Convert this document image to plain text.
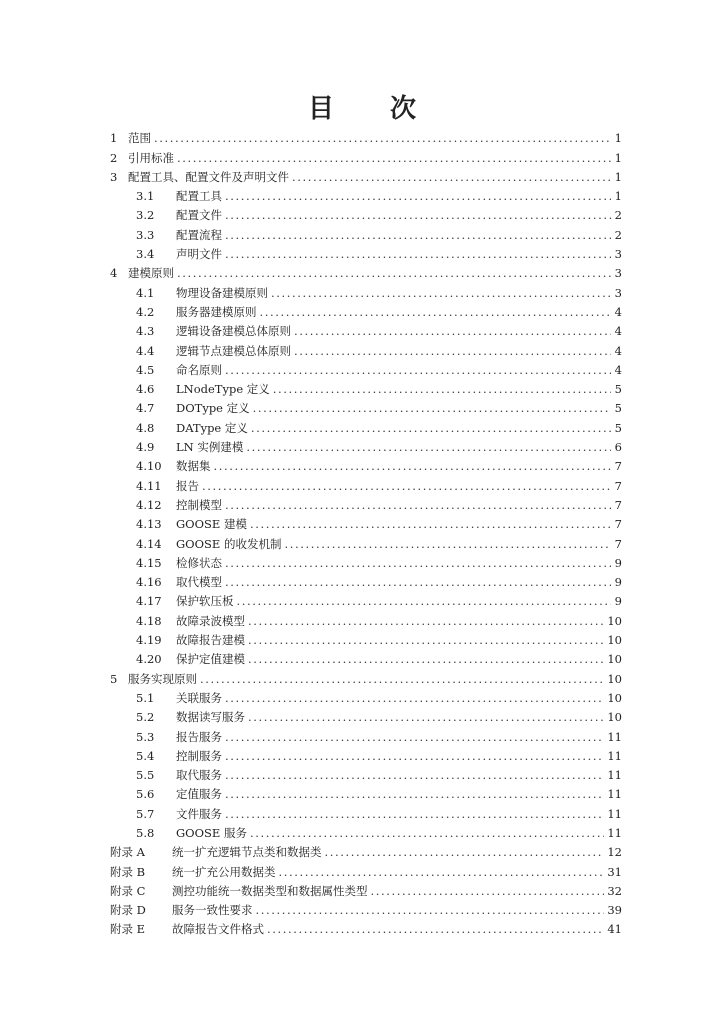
目 次
1 范围 .....	1
2 引用标准 .....	1
3 配置工具、配置文件及声明文件 .....	1
3.1	配置工具 .....	1
3.2	配置文件 .....	2
3.3	配置流程 .....	2
3.4	声明文件 .....	3
4 建模原则 .....	3
4.1	物理设备建模原则 .....	3
4.2	服务器建模原则 .....	4
4.3	逻辑设备建模总体原则 .....	4
4.4	逻辑节点建模总体原则 .....	4
4.5	命名原则 .....	4
4.6	LNodeType 定义 .....	5
4.7	DOType 定义 .....	5
4.8	DAType 定义 .....	5
4.9	LN 实例建模 .....	6
4.10	数据集 .....	7
4.11	报告 .....	7
4.12	控制模型 .....	7
4.13	GOOSE 建模 .....	7
4.14	GOOSE 的收发机制 .....	7
4.15	检修状态 .....	9
4.16	取代模型 .....	9
4.17	保护软压板 .....	9
4.18	故障录波模型 .....	10
4.19	故障报告建模 .....	10
4.20	保护定值建模 .....	10
5 服务实现原则 .....	10
5.1	关联服务 .....	10
5.2	数据读写服务 .....	10
5.3	报告服务 .....	11
5.4	控制服务 .....	11
5.5	取代服务 .....	11
5.6	定值服务 .....	11
5.7	文件服务 .....	11
5.8	GOOSE 服务 .....	11
附录 A	统一扩充逻辑节点类和数据类 .....	12
附录 B	统一扩充公用数据类 .....	31
附录 C	测控功能统一数据类型和数据属性类型 .....	32
附录 D	服务一致性要求 .....	39
附录 E	故障报告文件格式 .....	41
